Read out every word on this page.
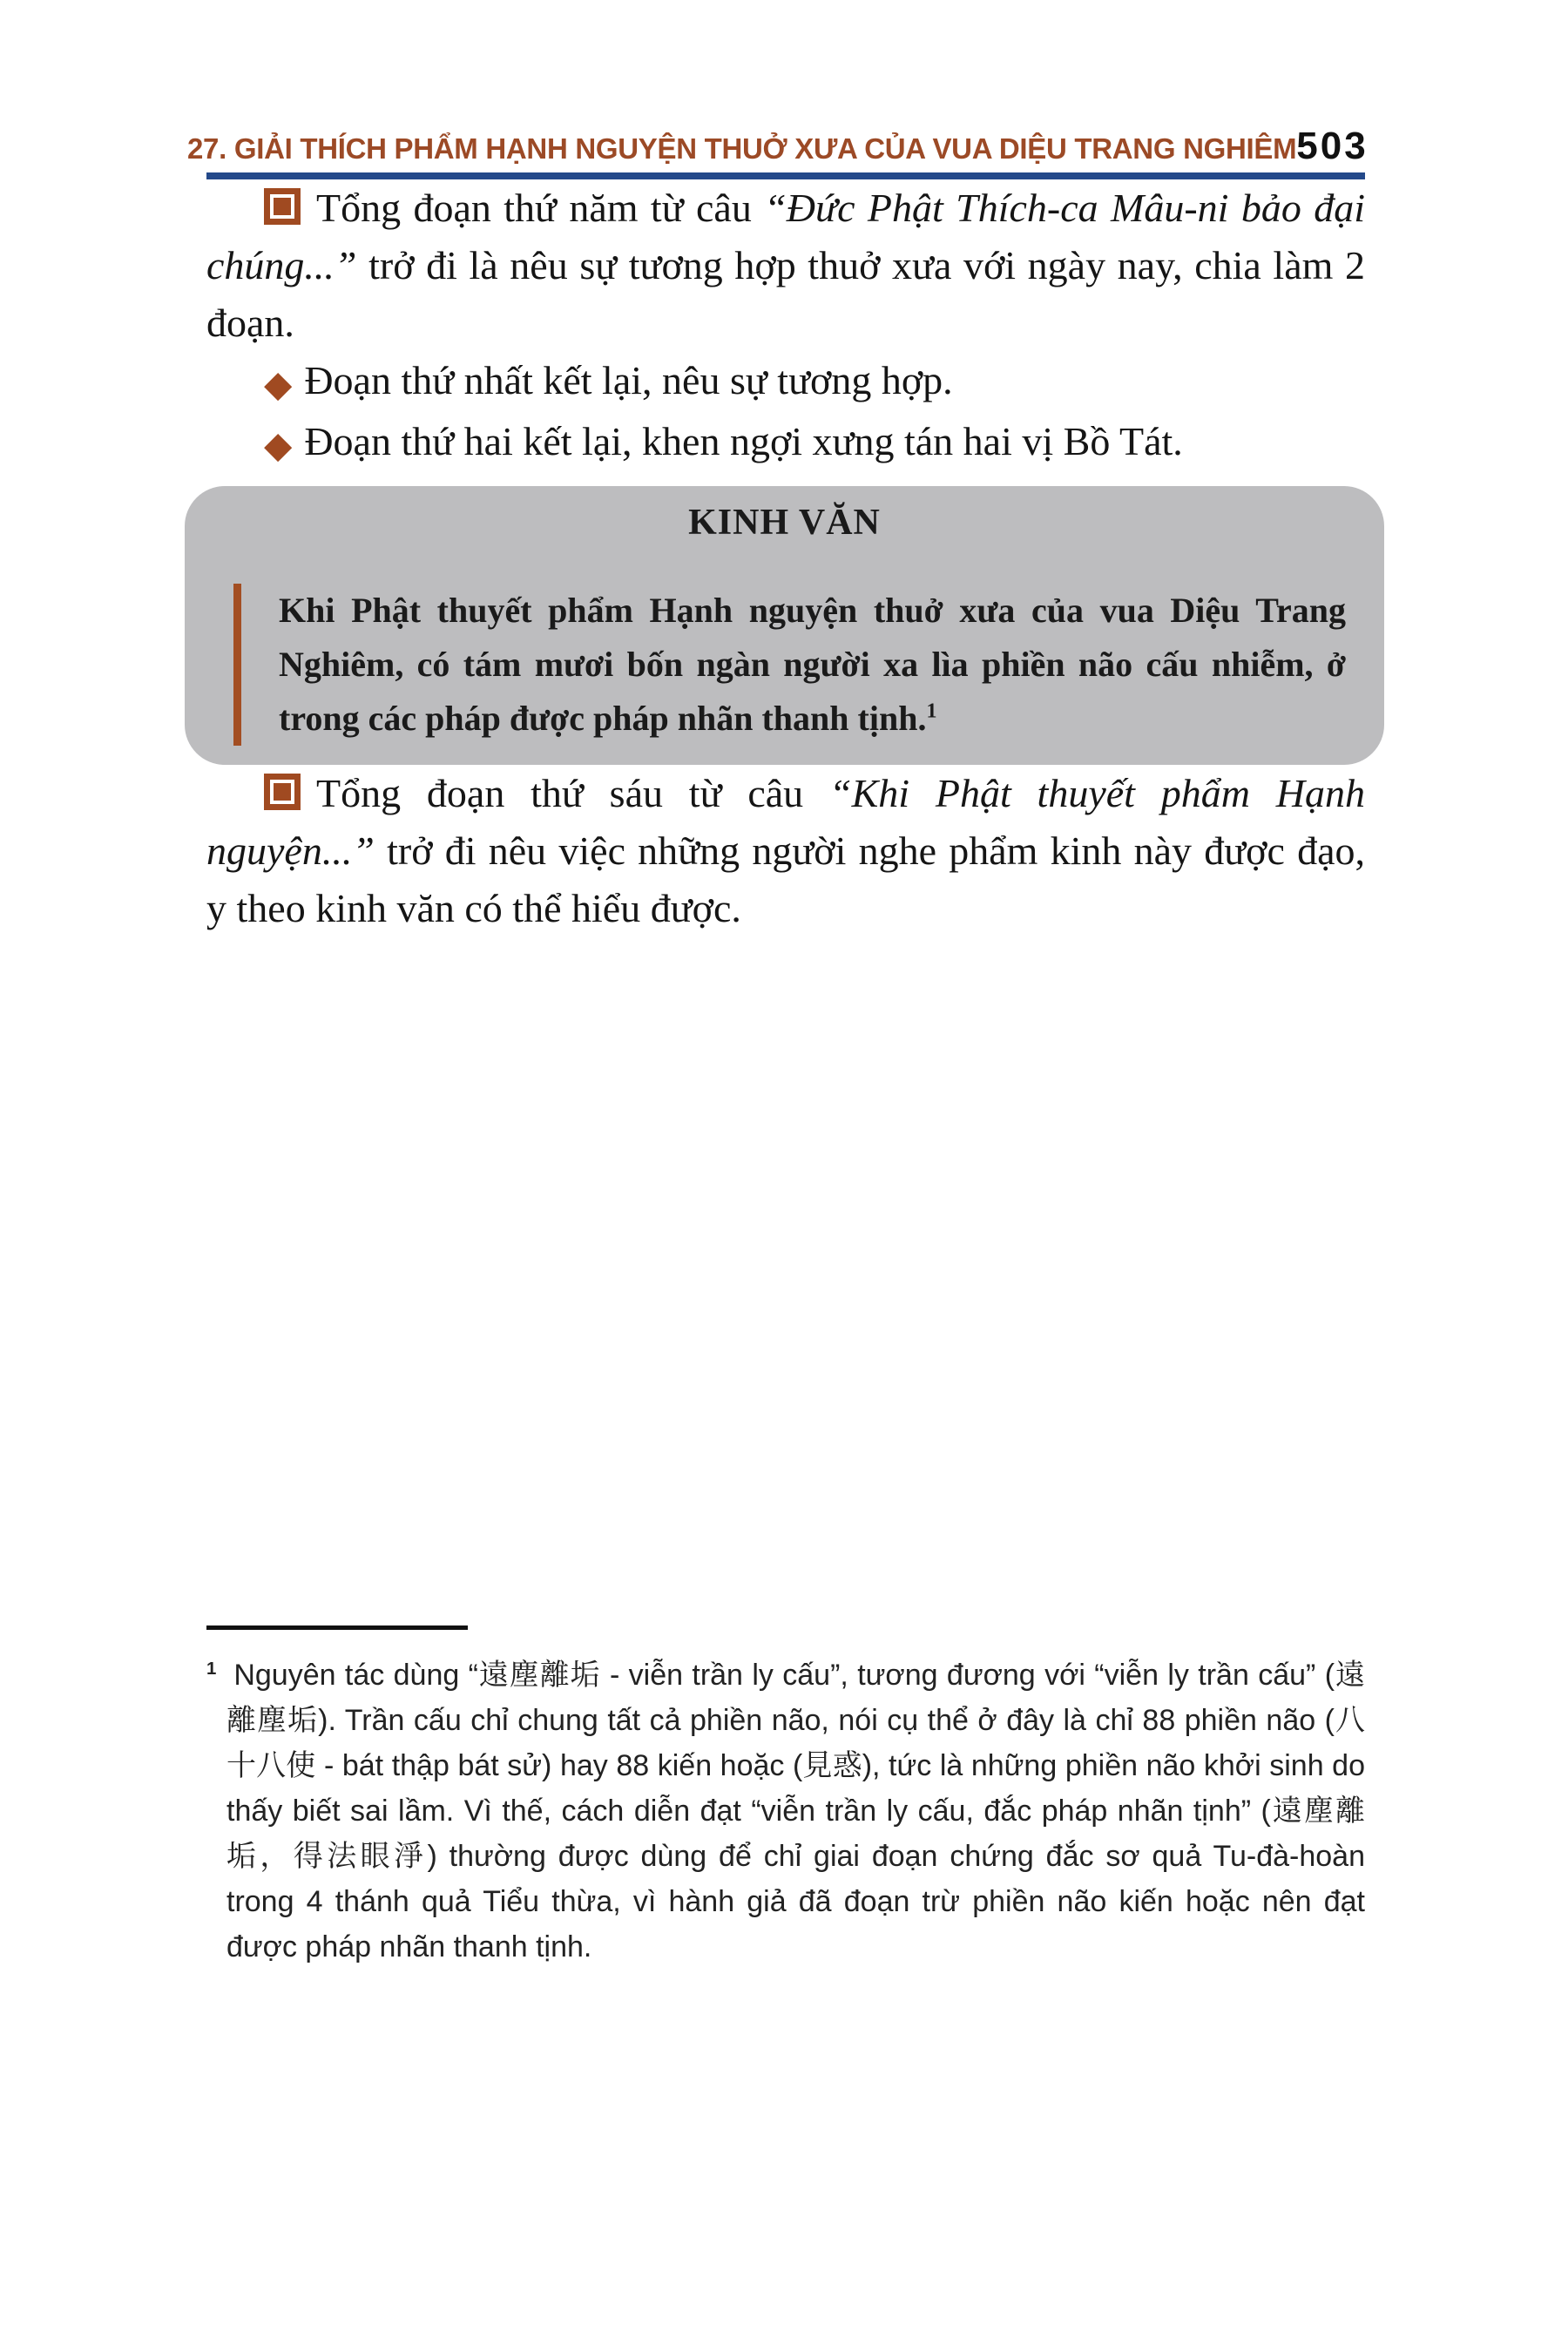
27. GIẢI THÍCH PHẨM HẠNH NGUYỆN THUỞ XƯA CỦA VUA DIỆU TRANG NGHIÊM 503

Tổng đoạn thứ năm từ câu “Đức Phật Thích-ca Mâu-ni bảo đại chúng...” trở đi là nêu sự tương hợp thuở xưa với ngày nay, chia làm 2 đoạn.

◆ Đoạn thứ nhất kết lại, nêu sự tương hợp.

◆ Đoạn thứ hai kết lại, khen ngợi xưng tán hai vị Bồ Tát.

KINH VĂN

Khi Phật thuyết phẩm Hạnh nguyện thuở xưa của vua Diệu Trang Nghiêm, có tám mươi bốn ngàn người xa lìa phiền não cấu nhiễm, ở trong các pháp được pháp nhãn thanh tịnh.$^1$

Tổng đoạn thứ sáu từ câu “Khi Phật thuyết phẩm Hạnh nguyện...” trở đi nêu việc những người nghe phẩm kinh này được đạo, y theo kinh văn có thể hiểu được.

$^1$ Nguyên tác dùng “遠塵離垢 - viễn trần ly cấu”, tương đương với “viễn ly trần cấu” (遠離塵垢). Trần cấu chỉ chung tất cả phiền não, nói cụ thể ở đây là chỉ 88 phiền não (八 十八使 - bát thập bát sử) hay 88 kiến hoặc (見惑), tức là những phiền não khởi sinh do thấy biết sai lầm. Vì thế, cách diễn đạt “viễn trần ly cấu, đắc pháp nhãn tịnh” (遠塵離垢，得法眼淨) thường được dùng để chỉ giai đoạn chứng đắc sơ quả Tu-đà-hoàn trong 4 thánh quả Tiểu thừa, vì hành giả đã đoạn trừ phiền não kiến hoặc nên đạt được pháp nhãn thanh tịnh.
